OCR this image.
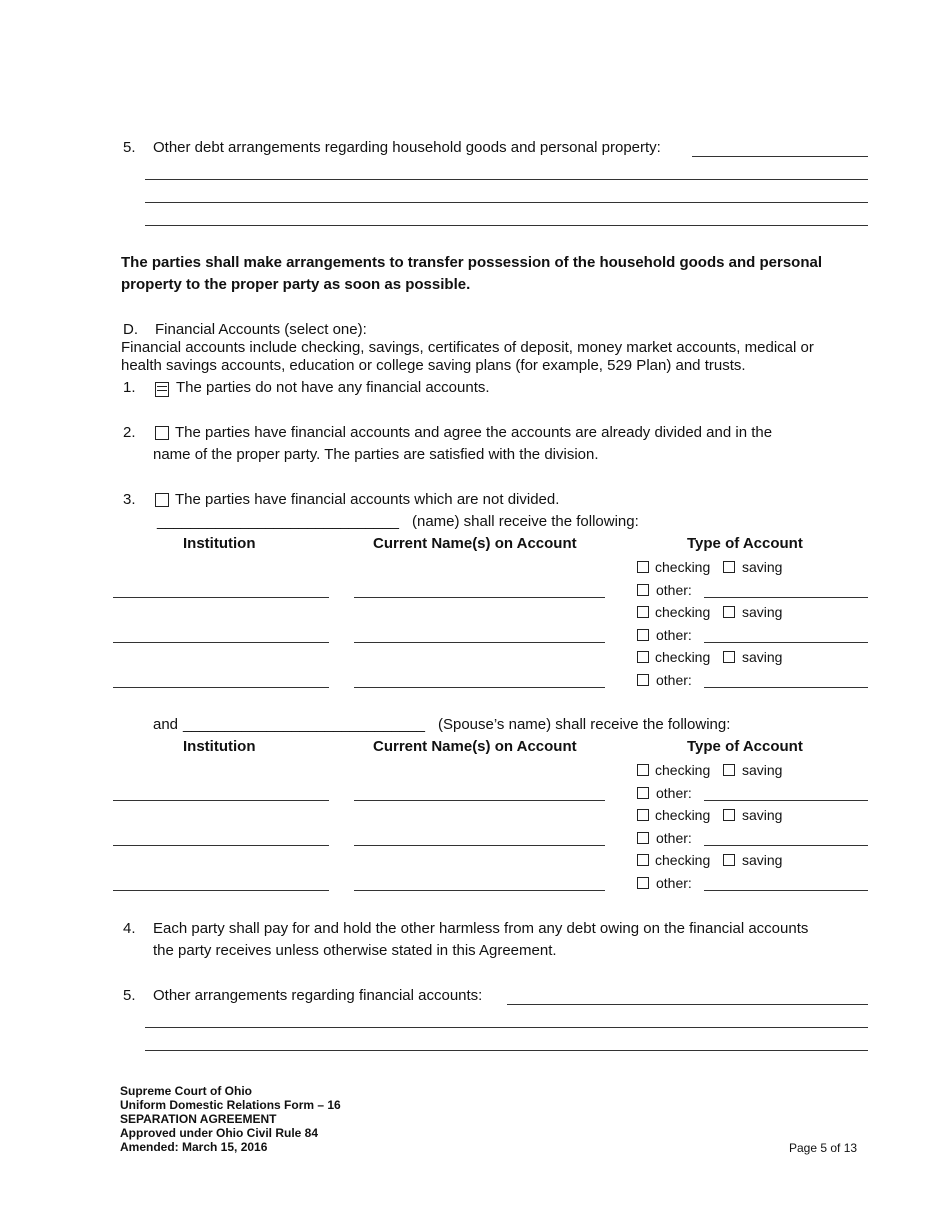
5. Other debt arrangements regarding household goods and personal property:
The parties shall make arrangements to transfer possession of the household goods and personal
property to the proper party as soon as possible.
D. Financial Accounts (select one):
Financial accounts include checking, savings, certificates of deposit, money market accounts, medical or
health savings accounts, education or college saving plans (for example, 529 Plan) and trusts.
1.	The parties do not have any financial accounts.
2.	The parties have financial accounts and agree the accounts are already divided and in the
name of the proper party. The parties are satisfied with the division.
3.	The parties have financial accounts which are not divided.
_____________________________ (name) shall receive the following:
Institution	Current Name(s) on Account	Type of Account
checking saving
other:
checking saving
other:
checking saving
other:
and _____________________________ (Spouse’s name) shall receive the following:
Institution	Current Name(s) on Account	Type of Account
checking saving
other:
checking saving
other:
checking saving
other:
4. Each party shall pay for and hold the other harmless from any debt owing on the financial accounts
the party receives unless otherwise stated in this Agreement.
5. Other arrangements regarding financial accounts:
Supreme Court of Ohio
Uniform Domestic Relations Form – 16
SEPARATION AGREEMENT
Approved under Ohio Civil Rule 84
Amended: March 15, 2016	Page 5 of 13
